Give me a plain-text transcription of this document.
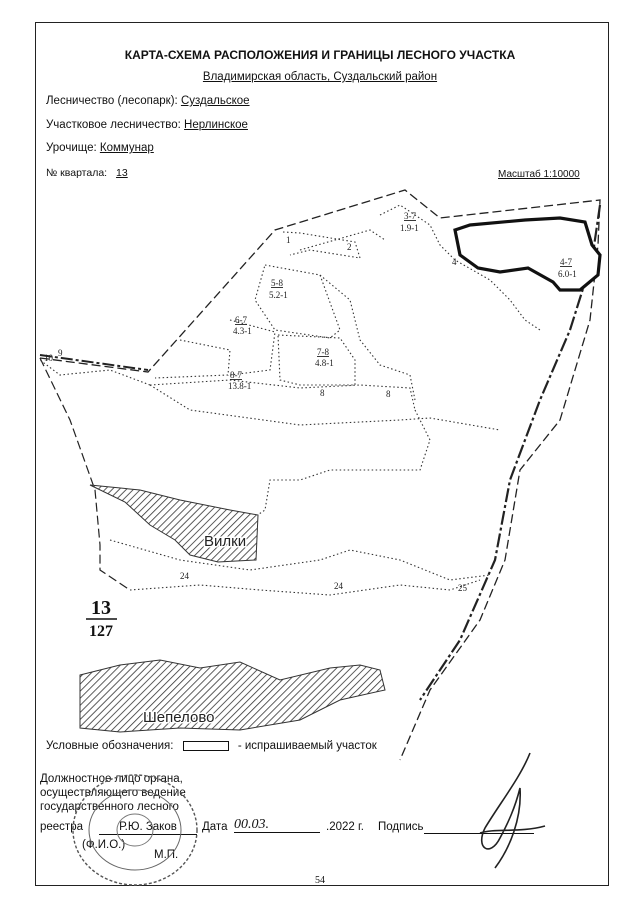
КАРТА-СХЕМА РАСПОЛОЖЕНИЯ И ГРАНИЦЫ ЛЕСНОГО УЧАСТКА
Владимирская область, Суздальский район
Лесничество (лесопарк): Суздальское
Участковое лесничество: Нерлинское
Урочище: Коммунар
№ квартала: 13	Масштаб 1:10000
13
127
Вилки
Шепелово
1
2
3-7
1.9-1
4	4-7
6.0-1
5-8
5.2-1
6-7
4.3-1
7-8
4.8-1
8-7
13.8-1
8	8
9
10
24
24	25
Условные обозначения:	- испрашиваемый участок
Должностное лицо органа,
осуществляющего ведение
государственного лесного
реестра	Р.Ю. Заков
(Ф.И.О.)
М.П.
Дата 00.03.	.2022 г. Подпись
54
